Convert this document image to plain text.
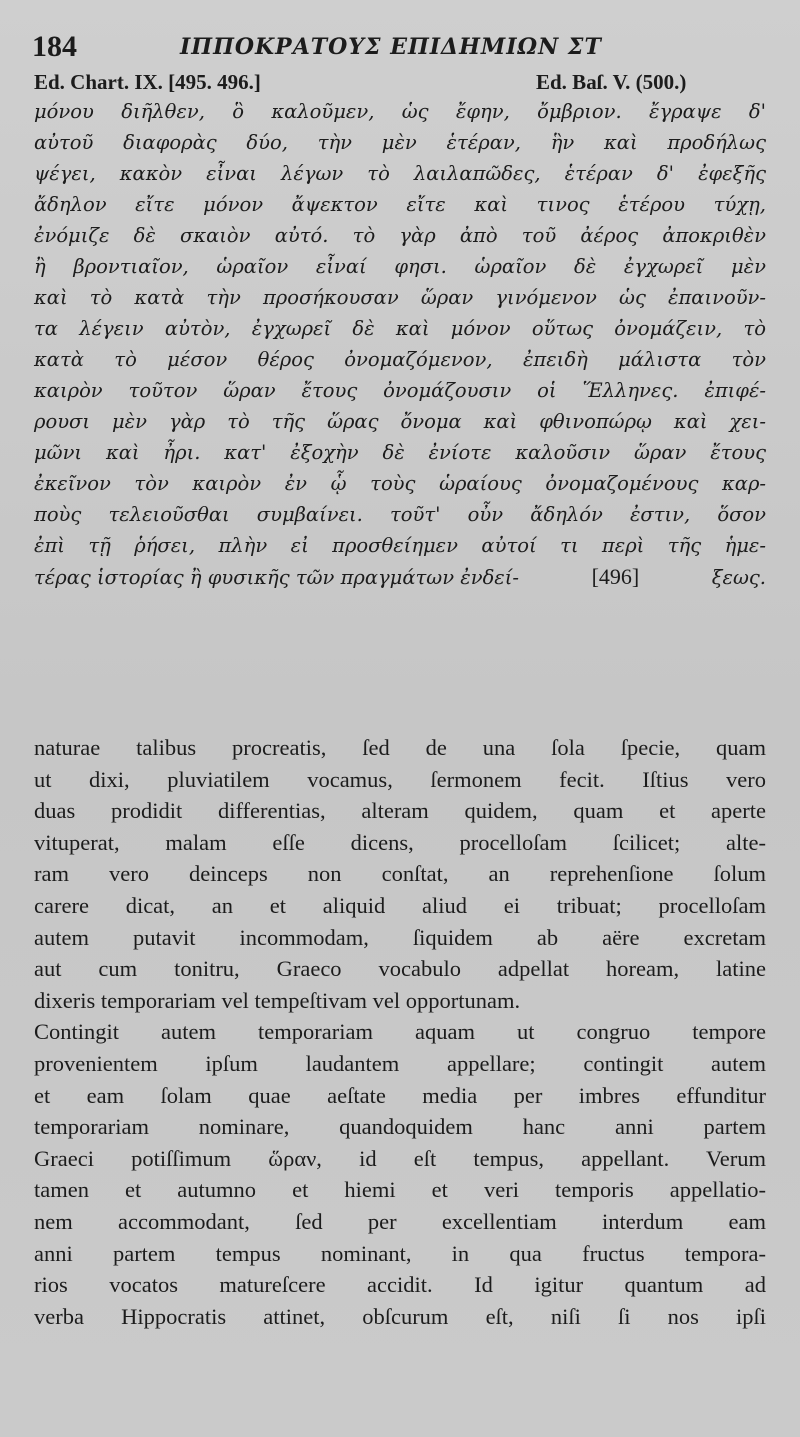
184	ΙΠΠΟΚΡΑΤΟΥΣ ΕΠΙΔΗΜΙΩΝ ΣΤ
Ed. Chart. IX. [495. 496.]	Ed. Baſ. V. (500.)
μόνου διῆλθεν, ὃ καλοῦμεν, ὡς ἔφην, ὄμβριον. ἔγραψε δ'
αὐτοῦ διαφορὰς δύο, τὴν μὲν ἑτέραν, ἣν καὶ προδήλως
ψέγει, κακὸν εἶναι λέγων τὸ λαιλαπῶδες, ἑτέραν δ' ἐφεξῆς
ἄδηλον εἴτε μόνον ἄψεκτον εἴτε καὶ τινος ἑτέρου τύχῃ,
ἐνόμιζε δὲ σκαιὸν αὐτό. τὸ γὰρ ἀπὸ τοῦ ἀέρος ἀποκριθὲν
ἢ βροντιαῖον, ὡραῖον εἶναί φησι. ὡραῖον δὲ ἐγχωρεῖ μὲν
καὶ τὸ κατὰ τὴν προσήκουσαν ὥραν γινόμενον ὡς ἐπαινοῦν-
τα λέγειν αὐτὸν, ἐγχωρεῖ δὲ καὶ μόνον οὕτως ὀνομάζειν, τὸ
κατὰ τὸ μέσον θέρος ὀνομαζόμενον, ἐπειδὴ μάλιστα τὸν
καιρὸν τοῦτον ὥραν ἔτους ὀνομάζουσιν οἱ Ἕλληνες. ἐπιφέ-
ρουσι μὲν γὰρ τὸ τῆς ὥρας ὄνομα καὶ φθινοπώρῳ καὶ χει-
μῶνι καὶ ἦρι. κατ' ἐξοχὴν δὲ ἐνίοτε καλοῦσιν ὥραν ἔτους
ἐκεῖνον τὸν καιρὸν ἐν ᾧ τοὺς ὡραίους ὀνομαζομένους καρ-
ποὺς τελειοῦσθαι συμβαίνει. τοῦτ' οὖν ἄδηλόν ἐστιν, ὅσον
ἐπὶ τῇ ῥήσει, πλὴν εἰ προσθείημεν αὐτοί τι περὶ τῆς ἡμε-
τέρας ἱστορίας ἢ φυσικῆς τῶν πραγμάτων ἐνδεί-	[496]	ξεως.
naturae talibus procreatis, ſed de una ſola ſpecie, quam
ut dixi, pluviatilem vocamus, ſermonem fecit. Iſtius vero
duas prodidit differentias, alteram quidem, quam et aperte
vituperat, malam eſſe dicens, procelloſam ſcilicet; alte-
ram vero deinceps non conſtat, an reprehenſione ſolum
carere dicat, an et aliquid aliud ei tribuat; procelloſam
autem putavit incommodam, ſiquidem ab aëre excretam
aut cum tonitru, Graeco vocabulo adpellat hoream, latine
dixeris temporariam vel tempeſtivam vel opportunam.
Contingit autem temporariam aquam ut congruo tempore
provenientem ipſum laudantem appellare; contingit autem
et eam ſolam quae aeſtate media per imbres effunditur
temporariam nominare, quandoquidem hanc anni partem
Graeci potiſſimum ὥραν, id eſt tempus, appellant. Verum
tamen et autumno et hiemi et veri temporis appellatio-
nem accommodant, ſed per excellentiam interdum eam
anni partem tempus nominant, in qua fructus tempora-
rios vocatos matureſcere accidit. Id igitur quantum ad
verba Hippocratis attinet, obſcurum eſt, niſi ſi nos ipſi
